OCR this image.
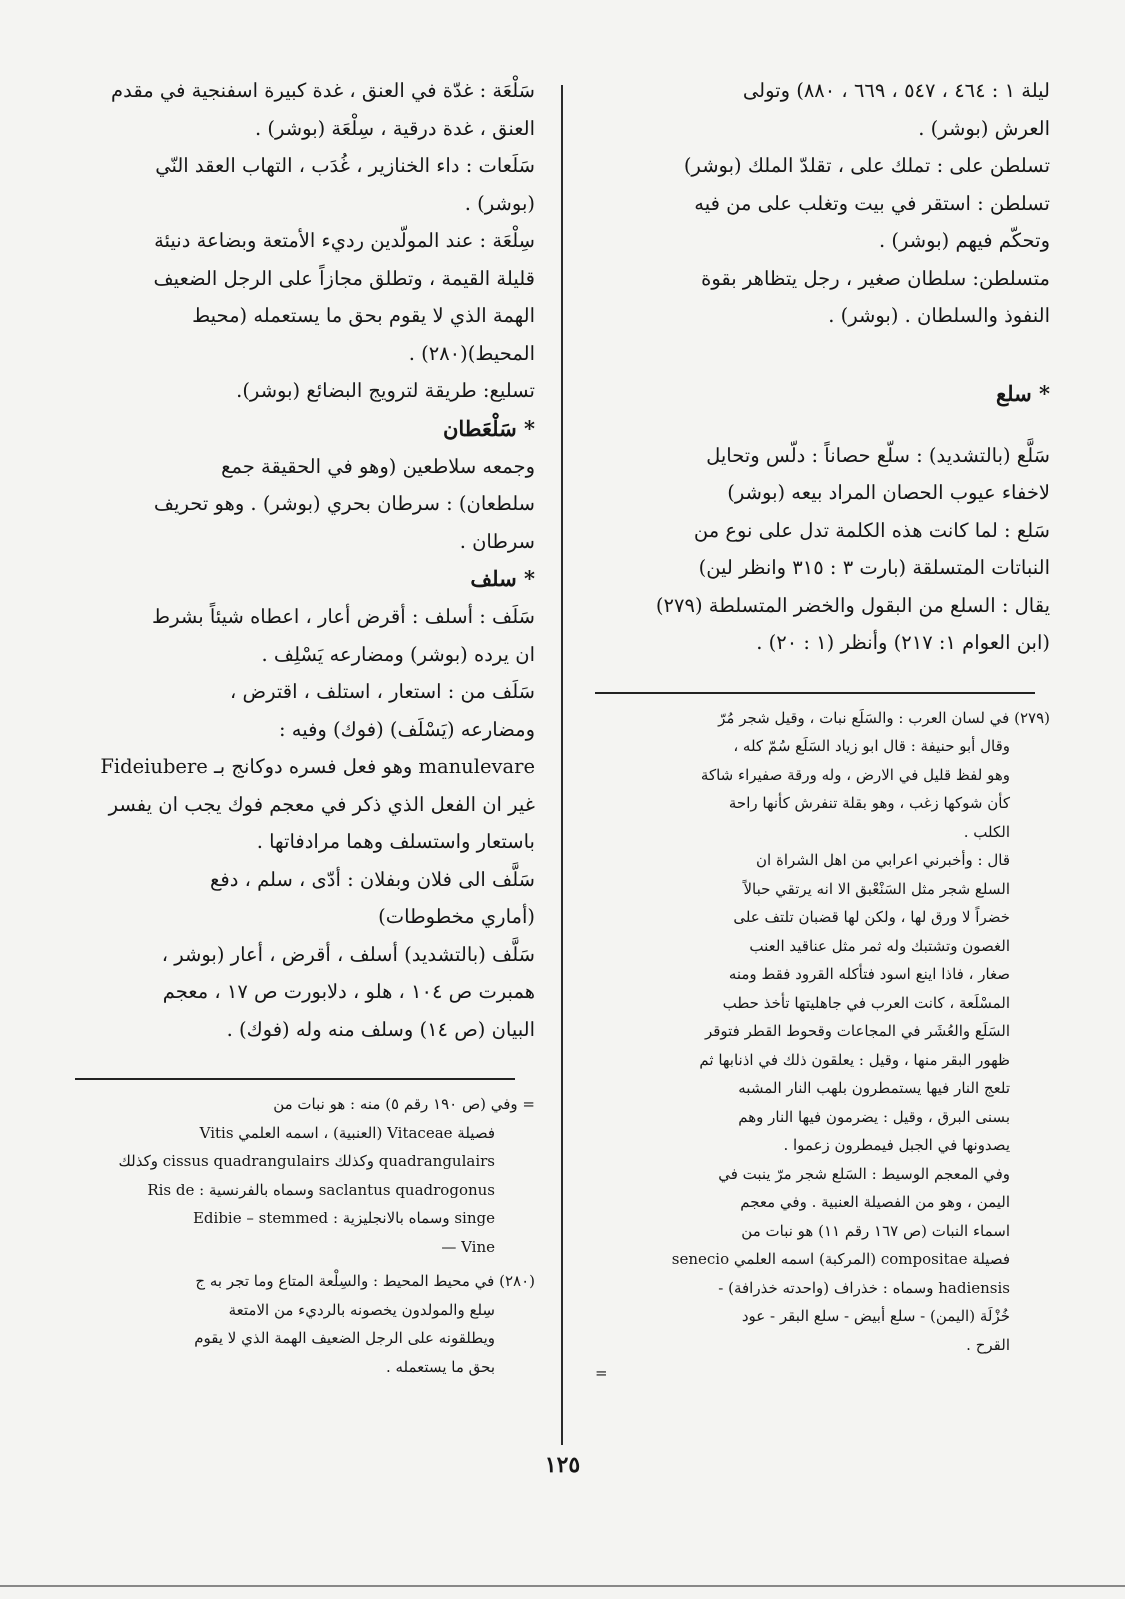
ليلة ١ : ٤٦٤ ، ٥٤٧ ، ٦٦٩ ، ٨٨٠) وتولى

العرش (بوشر) .

تسلطن على : تملك على ، تقلدّ الملك (بوشر)

تسلطن : استقر في بيت وتغلب على من فيه

وتحكّم فيهم (بوشر) .

متسلطن: سلطان صغير ، رجل يتظاهر بقوة

النفوذ والسلطان . (بوشر) .

* سلع

سَلَّع (بالتشديد) : سلّع حصاناً : دلّس وتحايل

لاخفاء عيوب الحصان المراد بيعه (بوشر)

سَلع : لما كانت هذه الكلمة تدل على نوع من

النباتات المتسلقة (بارت ٣ : ٣١٥ وانظر لين)

يقال : السلع من البقول والخضر المتسلطة (٢٧٩)

(ابن العوام ١: ٢١٧) وأنظر (١ : ٢٠) .

(٢٧٩) في لسان العرب : والسَلَع نبات ، وقيل شجر مُرّ

وقال أبو حنيفة : قال ابو زياد السَلَع سُمّ كله ،

وهو لفظ قليل في الارض ، وله ورقة صفيراء شاكة

كأن شوكها زغب ، وهو بقلة تنفرش كأنها راحة

الكلب .

قال : وأخبرني اعرابي من اهل الشراة ان

السلع شجر مثل السَنْعْبق الا انه يرتقي حبالاً

خضراً لا ورق لها ، ولكن لها قضبان تلتف على

الغصون وتشتبك وله ثمر مثل عناقيد العنب

صغار ، فاذا اينع اسود فتأكله القرود فقط ومنه

المسْلَعة ، كانت العرب في جاهليتها تأخذ حطب

السَلَع والعُشَر في المجاعات وقحوط القطر فتوقر

ظهور البقر منها ، وقيل : يعلقون ذلك في اذنابها ثم

تلعج النار فيها يستمطرون بلهب النار المشبه

بسنى البرق ، وقيل : يضرمون فيها النار وهم

يصدونها في الجبل فيمطرون زعموا .

وفي المعجم الوسيط : السَلع شجر مرّ ينبت في

اليمن ، وهو من الفصيلة العنبية . وفي معجم

اسماء النبات (ص ١٦٧ رقم ١١) هو نبات من

فصيلة compositae (المركبة) اسمه العلمي senecio

hadiensis وسماه : خذراف (واحدته خذرافة) -

خُزْلَة (اليمن) - سلع أبيض - سلع البقر - عود

القرح .

=

سَلْعَة : غدّة في العنق ، غدة كبيرة اسفنجية في مقدم

العنق ، غدة درقية ، سِلْعَة (بوشر) .

سَلَعات : داء الخنازير ، غُدَب ، التهاب العقد النّي

(بوشر) .

سِلْعَة : عند المولّدين رديء الأمتعة وبضاعة دنيئة

قليلة القيمة ، وتطلق مجازاً على الرجل الضعيف

الهمة الذي لا يقوم بحق ما يستعمله (محيط

المحيط)(٢٨٠) .

تسليع: طريقة لترويج البضائع (بوشر).

* سَلْعَطان

وجمعه سلاطعين (وهو في الحقيقة جمع

سلطعان) : سرطان بحري (بوشر) . وهو تحريف

سرطان .

* سلف

سَلَف : أسلف : أقرض أعار ، اعطاه شيئاً بشرط

ان يرده (بوشر) ومضارعه يَسْلِف .

سَلَف من : استعار ، استلف ، اقترض ،

ومضارعه (يَسْلَف) (فوك) وفيه :

manulevare وهو فعل فسره دوكانج بـ Fideiubere

غير ان الفعل الذي ذكر في معجم فوك يجب ان يفسر

باستعار واستسلف وهما مرادفاتها .

سَلَّف الى فلان وبفلان : أدّى ، سلم ، دفع

(أماري مخطوطات)

سَلَّف (بالتشديد) أسلف ، أقرض ، أعار (بوشر ،

همبرت ص ١٠٤ ، هلو ، دلابورت ص ١٧ ، معجم

البيان (ص ١٤) وسلف منه وله (فوك) .

= وفي (ص ١٩٠ رقم ٥) منه : هو نبات من

فصيلة Vitaceae (العنبية) ، اسمه العلمي Vitis

quadrangulairs وكذلك cissus quadrangulairs وكذلك

saclantus quadrogonus وسماه بالفرنسية : Ris de

singe وسماه بالانجليزية : Edibie – stemmed

Vine —

(٢٨٠) في محيط المحيط : والسِلْعة المتاع وما تجر به ج

سِلع والمولدون يخصونه بالرديء من الامتعة

ويطلقونه على الرجل الضعيف الهمة الذي لا يقوم

بحق ما يستعمله .

١٢٥
